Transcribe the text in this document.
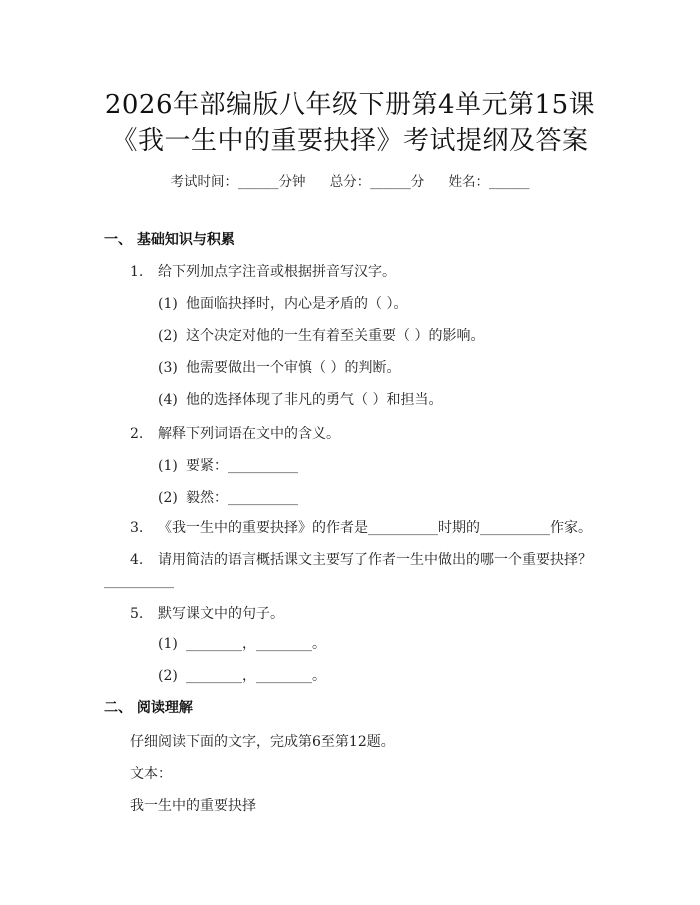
2026年部编版八年级下册第4单元第15课
《我一生中的重要抉择》考试提纲及答案
考试时间：______分钟 总分：______分 姓名：______
一、 基础知识与积累
1. 给下列加点字注音或根据拼音写汉字。
(1) 他面临抉择时，内心是矛盾的（ ）。
(2) 这个决定对他的一生有着至关重要（ ）的影响。
(3) 他需要做出一个审慎（ ）的判断。
(4) 他的选择体现了非凡的勇气（ ）和担当。
2. 解释下列词语在文中的含义。
(1) 要紧：__________
(2) 毅然：__________
3. 《我一生中的重要抉择》的作者是__________时期的__________作家。
4. 请用简洁的语言概括课文主要写了作者一生中做出的哪一个重要抉择？
__________
5. 默写课文中的句子。
(1) ________，________。
(2) ________，________。
二、 阅读理解
仔细阅读下面的文字，完成第6至第12题。
文本：
我一生中的重要抉择
